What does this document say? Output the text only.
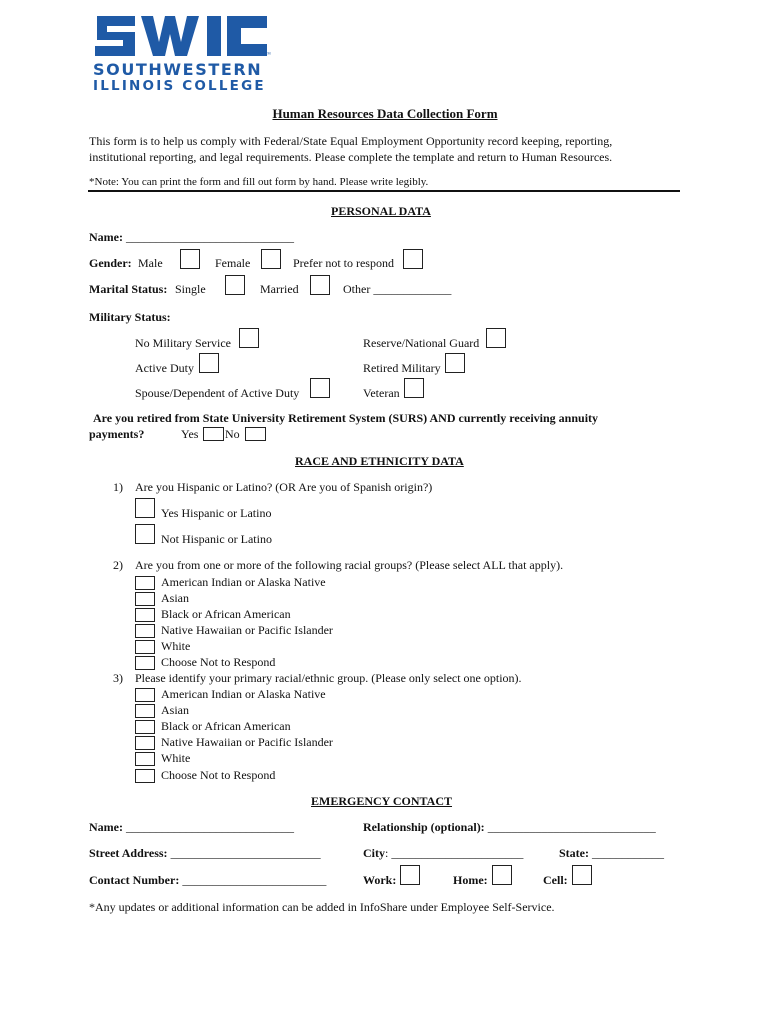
™
SOUTHWESTERN
ILLINOIS COLLEGE
Human Resources Data Collection Form
This form is to help us comply with Federal/State Equal Employment Opportunity record keeping, reporting,
institutional reporting, and legal requirements. Please complete the template and return to Human Resources.
*Note: You can print the form and fill out form by hand. Please write legibly.
PERSONAL DATA
Name: ____________________________
Gender: Male	Female	Prefer not to respond
Marital Status: Single	Married	Other _____________
Military Status:
No Military Service	Reserve/National Guard
Active Duty	Retired Military
Spouse/Dependent of Active Duty	Veteran
Are you retired from State University Retirement System (SURS) AND currently receiving annuity
payments?	Yes No
RACE AND ETHNICITY DATA
1) Are you Hispanic or Latino? (OR Are you of Spanish origin?)
Yes Hispanic or Latino
Not Hispanic or Latino
2) Are you from one or more of the following racial groups? (Please select ALL that apply).
American Indian or Alaska Native
Asian
Black or African American
Native Hawaiian or Pacific Islander
White
Choose Not to Respond
3) Please identify your primary racial/ethnic group. (Please only select one option).
American Indian or Alaska Native
Asian
Black or African American
Native Hawaiian or Pacific Islander
White
Choose Not to Respond
EMERGENCY CONTACT
Name: ____________________________	Relationship (optional): ____________________________
Street Address: _________________________	City: ______________________	State: ____________
Contact Number: ________________________	Work:	Home:	Cell:
*Any updates or additional information can be added in InfoShare under Employee Self-Service.
